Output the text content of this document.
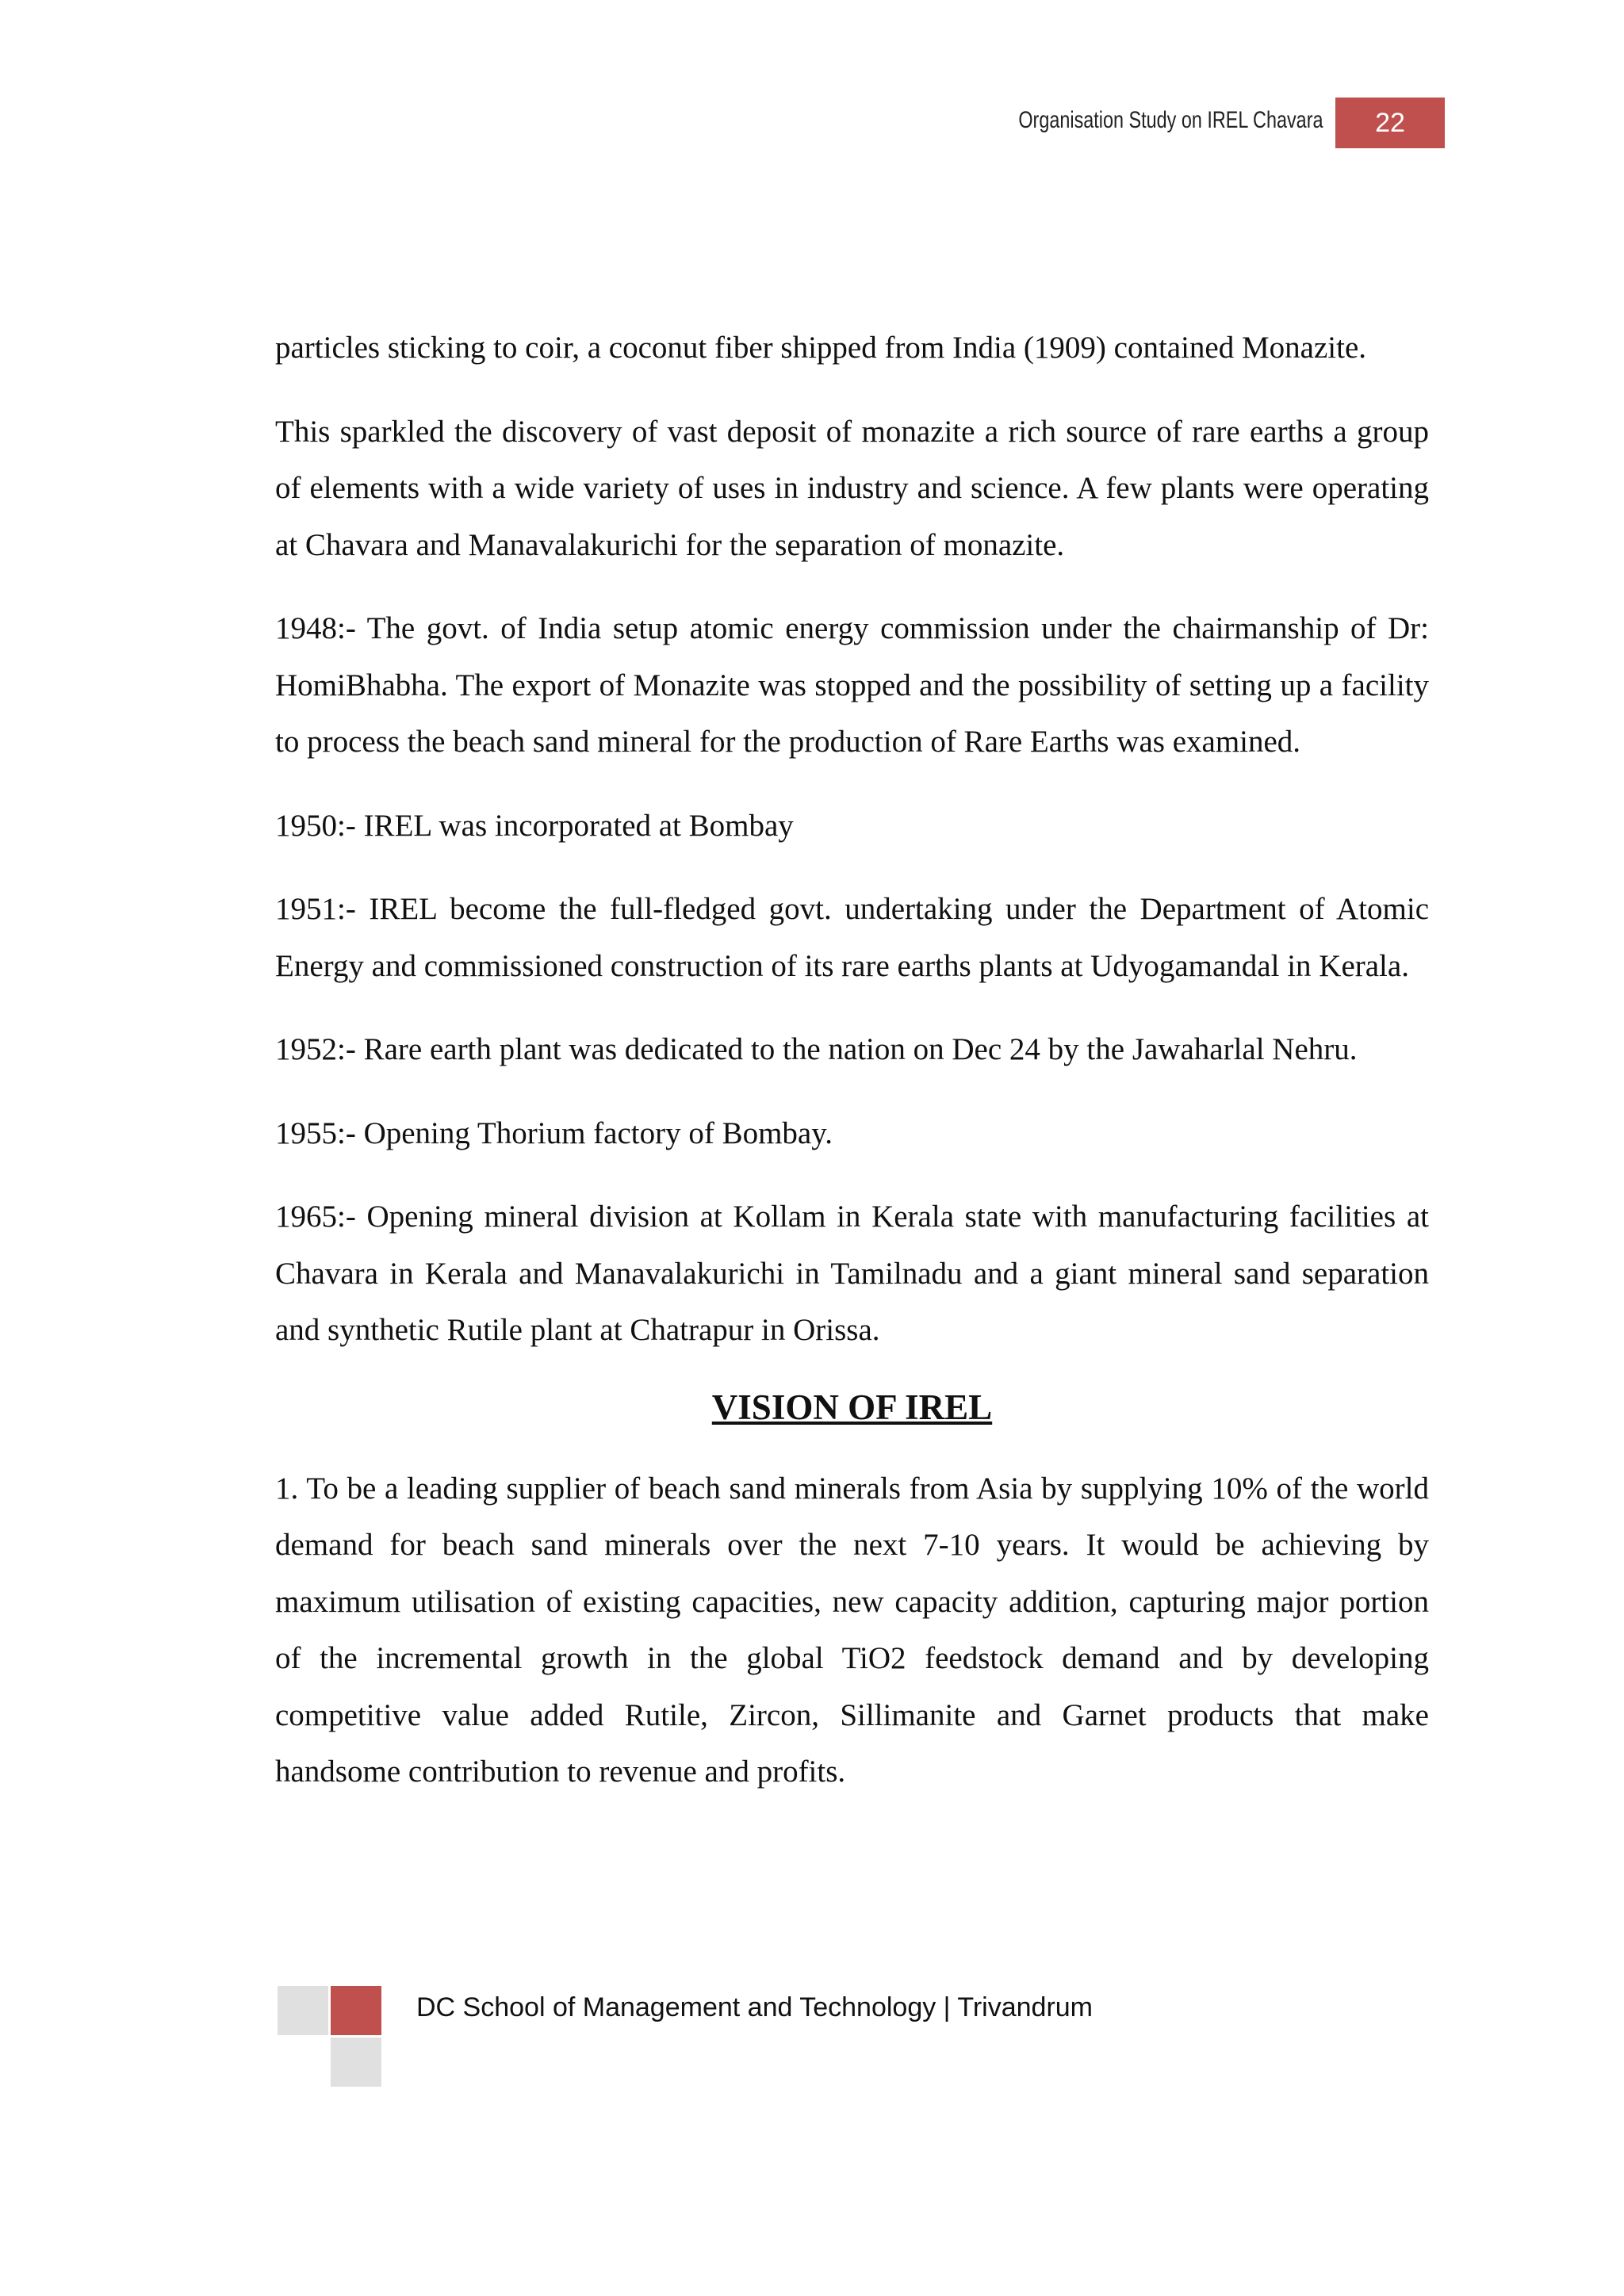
Organisation Study on IREL Chavara	22

particles sticking to coir, a coconut fiber shipped from India (1909) contained Monazite.

This sparkled the discovery of vast deposit of monazite a rich source of rare earths a group of elements with a wide variety of uses in industry and science. A few plants were operating at Chavara and Manavalakurichi for the separation of monazite.

1948:- The govt. of India setup atomic energy commission under the chairmanship of Dr: HomiBhabha. The export of Monazite was stopped and the possibility of setting up a facility to process the beach sand mineral for the production of Rare Earths was examined.

1950:- IREL was incorporated at Bombay

1951:- IREL become the full-fledged govt. undertaking under the Department of Atomic Energy and commissioned construction of its rare earths plants at Udyogamandal in Kerala.

1952:- Rare earth plant was dedicated to the nation on Dec 24 by the Jawaharlal Nehru.

1955:- Opening Thorium factory of Bombay.

1965:- Opening mineral division at Kollam in Kerala state with manufacturing facilities at Chavara in Kerala and Manavalakurichi in Tamilnadu and a giant mineral sand separation and synthetic Rutile plant at Chatrapur in Orissa.

VISION OF IREL

1. To be a leading supplier of beach sand minerals from Asia by supplying 10% of the world demand for beach sand minerals over the next 7-10 years. It would be achieving by maximum utilisation of existing capacities, new capacity addition, capturing major portion of the incremental growth in the global TiO2 feedstock demand and by developing competitive value added Rutile, Zircon, Sillimanite and Garnet products that make handsome contribution to revenue and profits.

DC School of Management and Technology | Trivandrum
